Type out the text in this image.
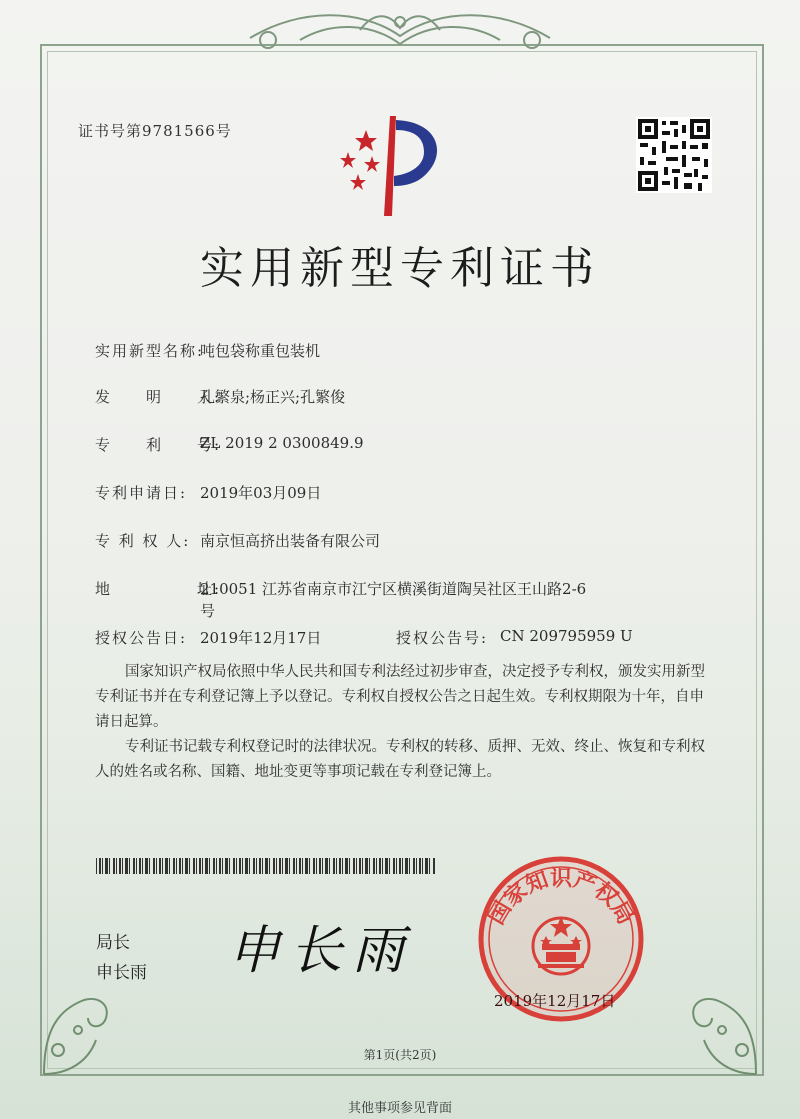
证书号第9781566号
实用新型专利证书
实用新型名称:
吨包袋称重包装机
发　　明　　人:
孔繁泉;杨正兴;孔繁俊
专　　利　　号:
ZL 2019 2 0300849.9
专利申请日: 2019年03月09日
专 利 权 人: 南京恒高挤出装备有限公司
地　　　　　址:
210051 江苏省南京市江宁区横溪街道陶吴社区王山路2-6
号
授权公告日: 2019年12月17日	授权公告号: CN 209795959 U

国家知识产权局依照中华人民共和国专利法经过初步审查，决定授予专利权，颁发实用新型专利证书并在专利登记簿上予以登记。专利权自授权公告之日起生效。专利权期限为十年，自申请日起算。

专利证书记载专利权登记时的法律状况。专利权的转移、质押、无效、终止、恢复和专利权人的姓名或名称、国籍、地址变更等事项记载在专利登记簿上。

局长
申长雨 申长雨
国家知识产权局
2019年12月17日
第1页(共2页)
其他事项参见背面
